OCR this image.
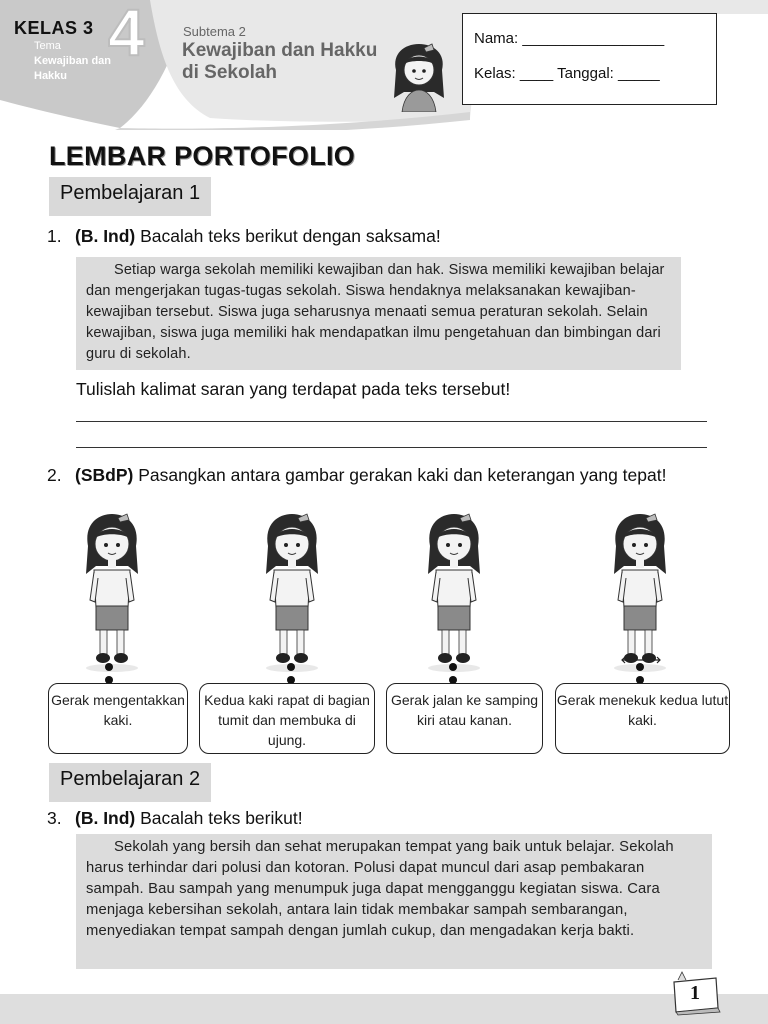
KELAS 3 4
Tema
Kewajiban dan Hakku
Subtema 2
Kewajiban dan Hakku di Sekolah
Nama: _________________
Kelas: ____ Tanggal: _____
LEMBAR PORTOFOLIO
Pembelajaran 1
1. (B. Ind) Bacalah teks berikut dengan saksama!

Setiap warga sekolah memiliki kewajiban dan hak. Siswa memiliki kewajiban belajar dan mengerjakan tugas-tugas sekolah. Siswa hendaknya melaksanakan kewajiban-kewajiban tersebut. Siswa juga seharusnya menaati semua peraturan sekolah. Selain kewajiban, siswa juga memiliki hak mendapatkan ilmu pengetahuan dan bimbingan dari guru di sekolah.

Tulislah kalimat saran yang terdapat pada teks tersebut!
2. (SBdP) Pasangkan antara gambar gerakan kaki dan keterangan yang tepat!
Gerak mengentakkan kaki.
Kedua kaki rapat di bagian tumit dan membuka di ujung.
Gerak jalan ke samping kiri atau kanan.
Gerak menekuk kedua lutut kaki.
Pembelajaran 2
3. (B. Ind) Bacalah teks berikut!

Sekolah yang bersih dan sehat merupakan tempat yang baik untuk belajar. Sekolah harus terhindar dari polusi dan kotoran. Polusi dapat muncul dari asap pembakaran sampah. Bau sampah yang menumpuk juga dapat mengganggu kegiatan siswa. Cara menjaga kebersihan sekolah, antara lain tidak membakar sampah sembarangan, menyediakan tempat sampah dengan jumlah cukup, dan mengadakan kerja bakti.

1
